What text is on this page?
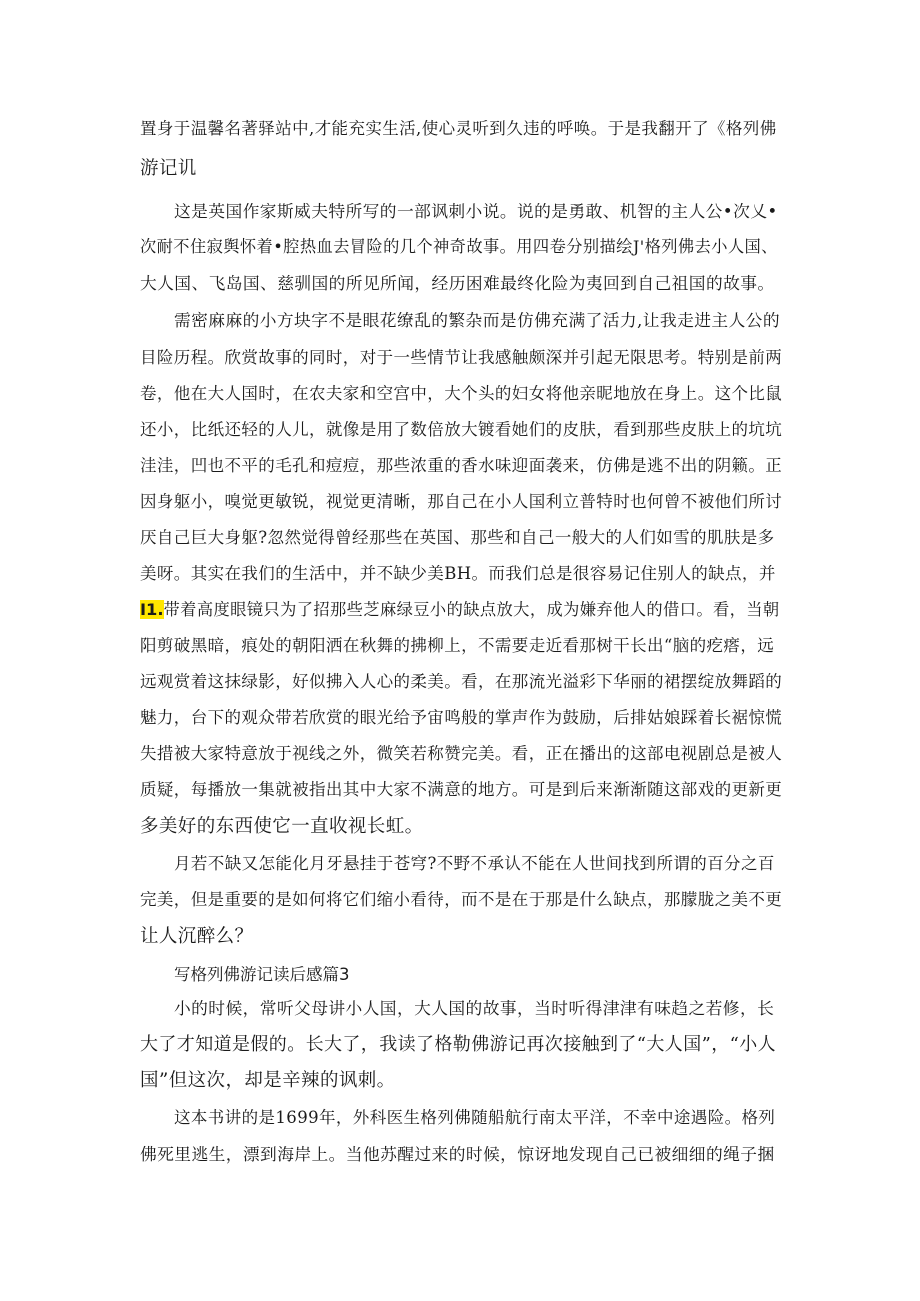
置身于温馨名著驿站中,才能充实生活,使心灵听到久违的呼唤。于是我翻开了《格列佛
游记讥
这是英国作家斯威夫特所写的一部讽刺小说。说的是勇敢、机智的主人公•次乂•
次耐不住寂舆怀着•腔热血去冒险的几个神奇故事。用四卷分别描绘J'格列佛去小人国、
大人国、飞岛国、慈驯国的所见所闻，经历困难最终化险为夷回到自己祖国的故事。
需密麻麻的小方块字不是眼花缭乱的繁杂而是仿佛充满了活力,让我走进主人公的
目险历程。欣赏故事的同时，对于一些情节让我感触颇深并引起无限思考。特别是前两
卷，他在大人国时，在农夫家和空宫中，大个头的妇女将他亲昵地放在身上。这个比鼠
还小，比纸还轻的人儿，就像是用了数倍放大镀看她们的皮肤，看到那些皮肤上的坑坑
洼洼，凹也不平的毛孔和痘痘，那些浓重的香水味迎面袭来，仿佛是逃不出的阴籁。正
因身躯小，嗅觉更敏锐，视觉更清晰，那自己在小人国利立普特时也何曾不被他们所讨
厌自己巨大身躯?忽然觉得曾经那些在英国、那些和自己一般大的人们如雪的肌肤是多
美呀。其实在我们的生活中，并不缺少美BH。而我们总是很容易记住别人的缺点，并
I1.带着高度眼镜只为了招那些芝麻绿豆小的缺点放大，成为嫌弃他人的借口。看，当朝
阳剪破黑暗，痕处的朝阳洒在秋舞的拂柳上，不需要走近看那树干长出“脑的疙瘩，远
远观赏着这抹绿影，好似拂入人心的柔美。看，在那流光溢彩下华丽的裙摆绽放舞蹈的
魅力，台下的观众带若欣赏的眼光给予宙鸣般的掌声作为鼓励，后排姑娘踩着长裾惊慌
失措被大家特意放于视线之外，微笑若称赞完美。看，正在播出的这部电视剧总是被人
质疑，每播放一集就被指出其中大家不满意的地方。可是到后来渐渐随这部戏的更新更
多美好的东西使它一直收视长虹。
月若不缺又怎能化月牙悬挂于苍穹?不野不承认不能在人世间找到所谓的百分之百
完美，但是重要的是如何将它们缩小看待，而不是在于那是什么缺点，那朦胧之美不更
让人沉醉么？
写格列佛游记读后感篇3
小的时候，常听父母讲小人国，大人国的故事，当时听得津津有味趋之若修，长
大了才知道是假的。长大了，我读了格勒佛游记再次接触到了“大人国”，“小人
国”但这次，却是辛辣的讽刺。
这本书讲的是1699年，外科医生格列佛随船航行南太平洋，不幸中途遇险。格列
佛死里逃生，漂到海岸上。当他苏醒过来的时候，惊讶地发现自己已被细细的绳子捆
